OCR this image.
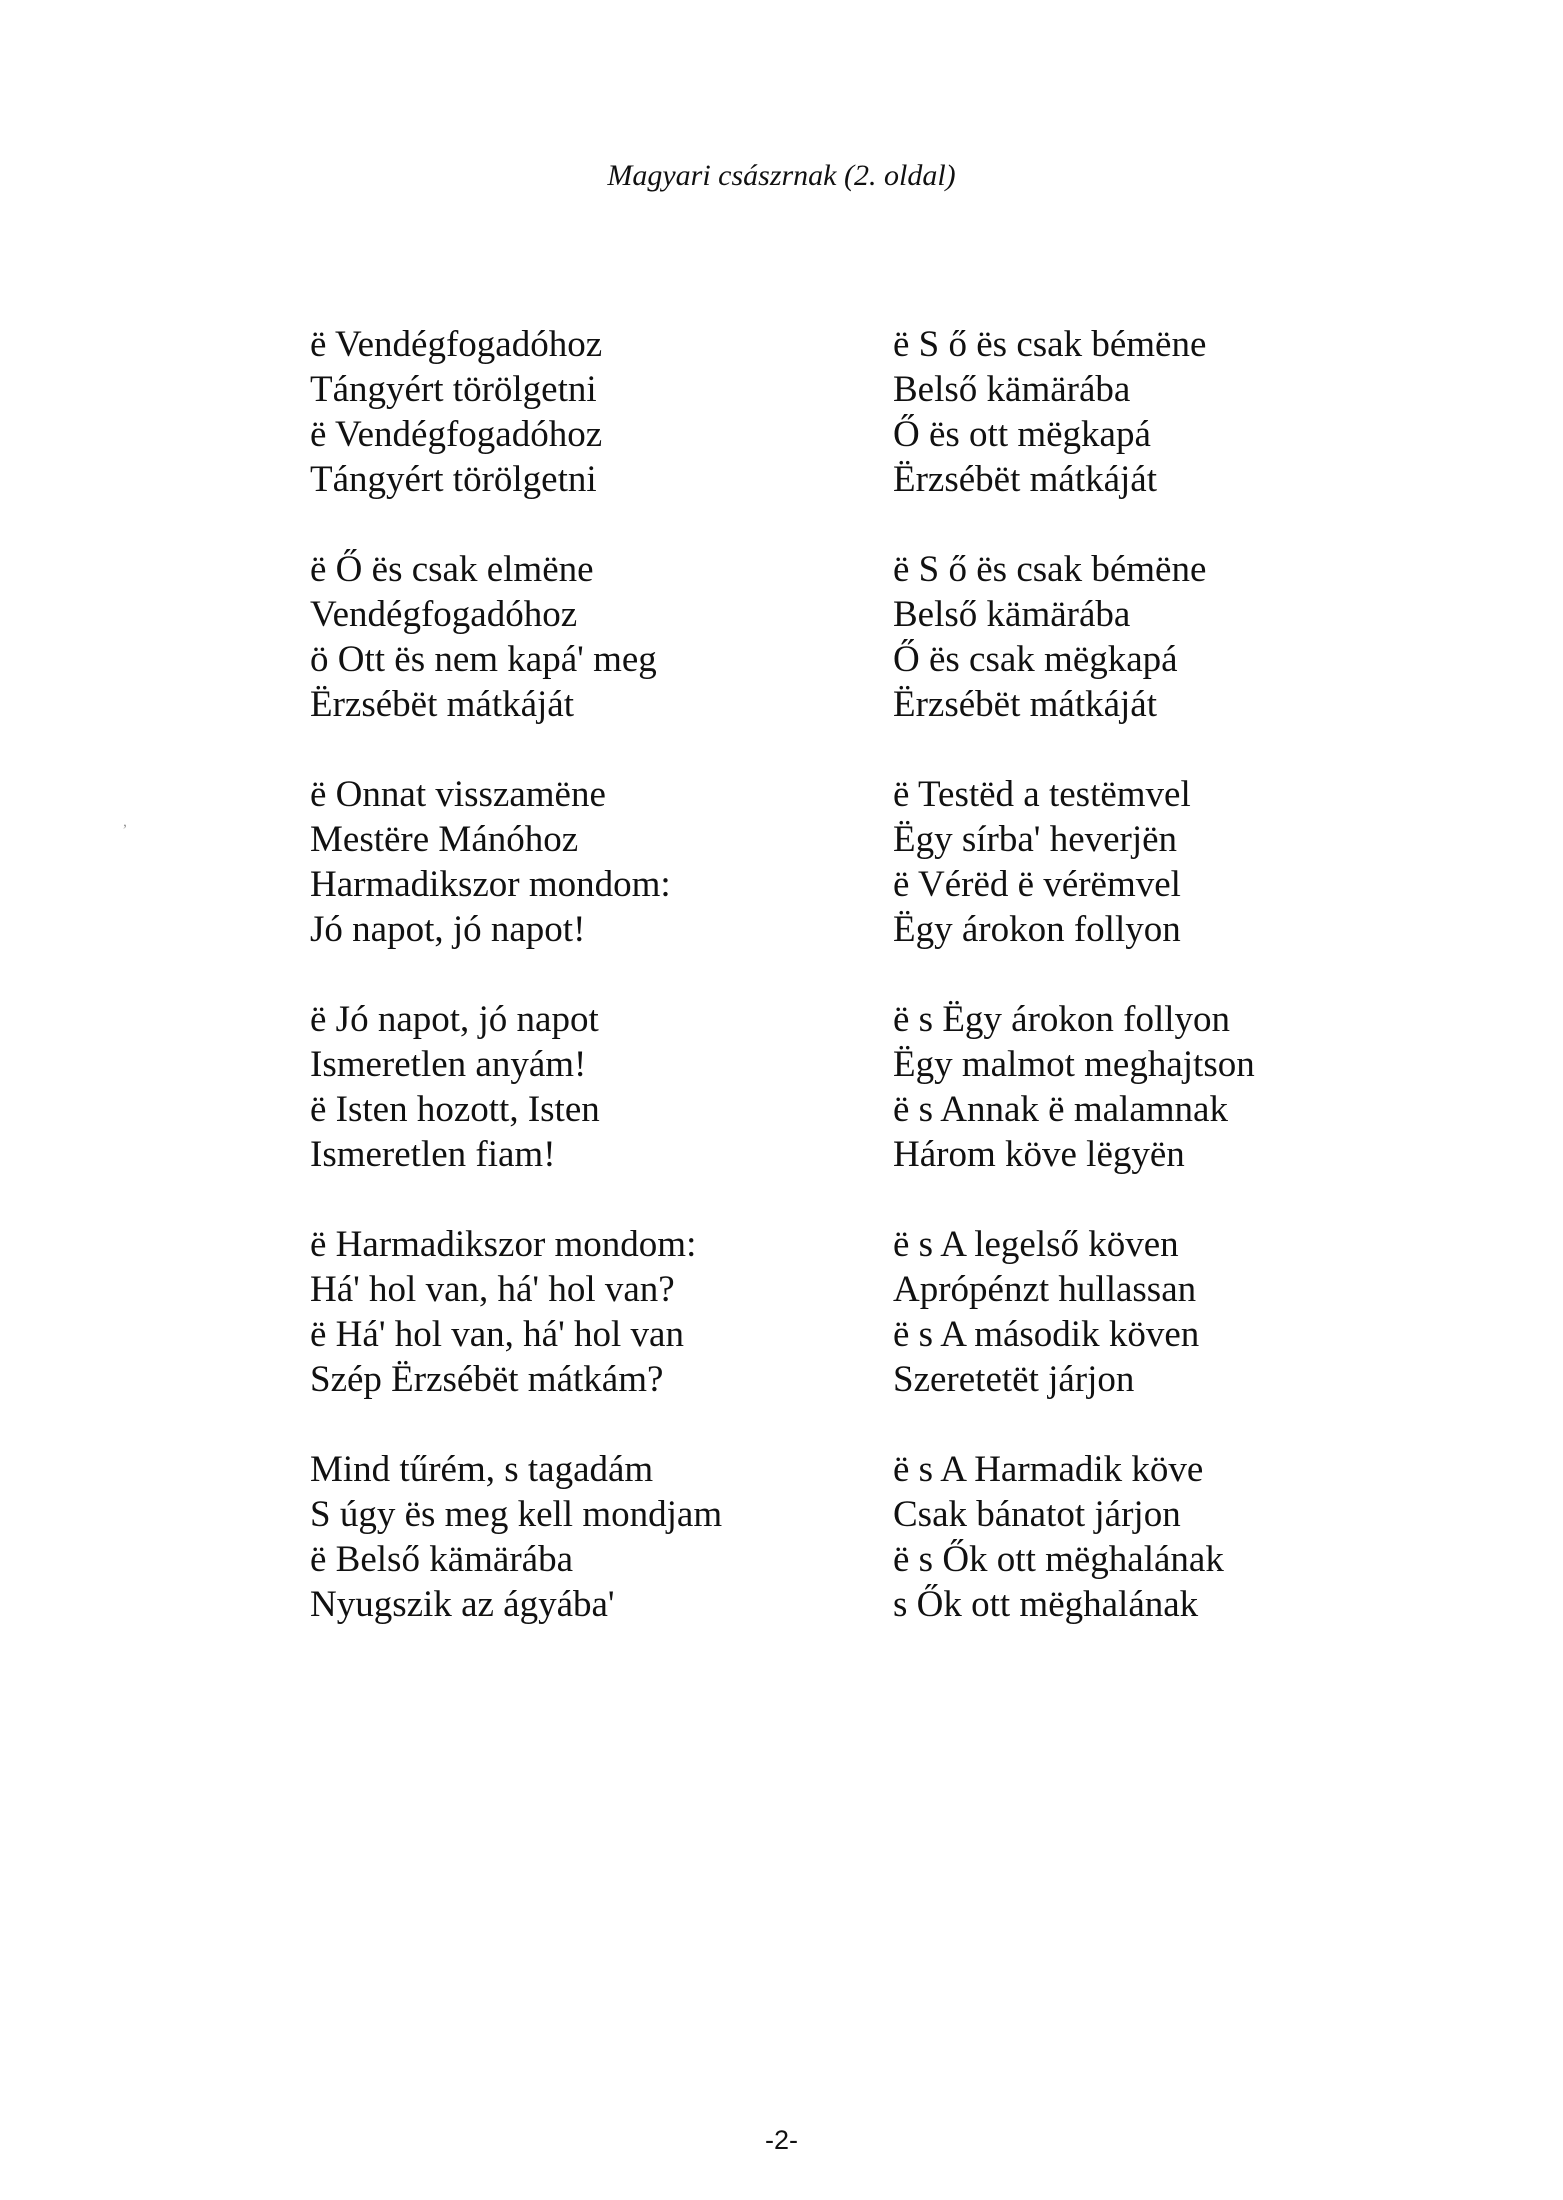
Magyari császrnak (2. oldal)
,
ë Vendégfogadóhoz
Tángyért törölgetni
ë Vendégfogadóhoz
Tángyért törölgetni
ë Ő ës csak elmëne
Vendégfogadóhoz
ö Ott ës nem kapá' meg
Ërzsébët mátkáját
ë Onnat visszamëne
Mestëre Mánóhoz
Harmadikszor mondom:
Jó napot, jó napot!
ë Jó napot, jó napot
Ismeretlen anyám!
ë Isten hozott, Isten
Ismeretlen fiam!
ë Harmadikszor mondom:
Há' hol van, há' hol van?
ë Há' hol van, há' hol van
Szép Ërzsébët mátkám?
Mind tűrém, s tagadám
S úgy ës meg kell mondjam
ë Belső kämärába
Nyugszik az ágyába'
ë S ő ës csak bémëne
Belső kämärába
Ő ës ott mëgkapá
Ërzsébët mátkáját
ë S ő ës csak bémëne
Belső kämärába
Ő ës csak mëgkapá
Ërzsébët mátkáját
ë Testëd a testëmvel
Ëgy sírba' heverjën
ë Vérëd ë vérëmvel
Ëgy árokon follyon
ë s Ëgy árokon follyon
Ëgy malmot meghajtson
ë s Annak ë malamnak
Három köve lëgyën
ë s A legelső köven
Aprópénzt hullassan
ë s A második köven
Szeretetët járjon
ë s A Harmadik köve
Csak bánatot járjon
ë s Ők ott mëghalának
s Ők ott mëghalának
-2-
